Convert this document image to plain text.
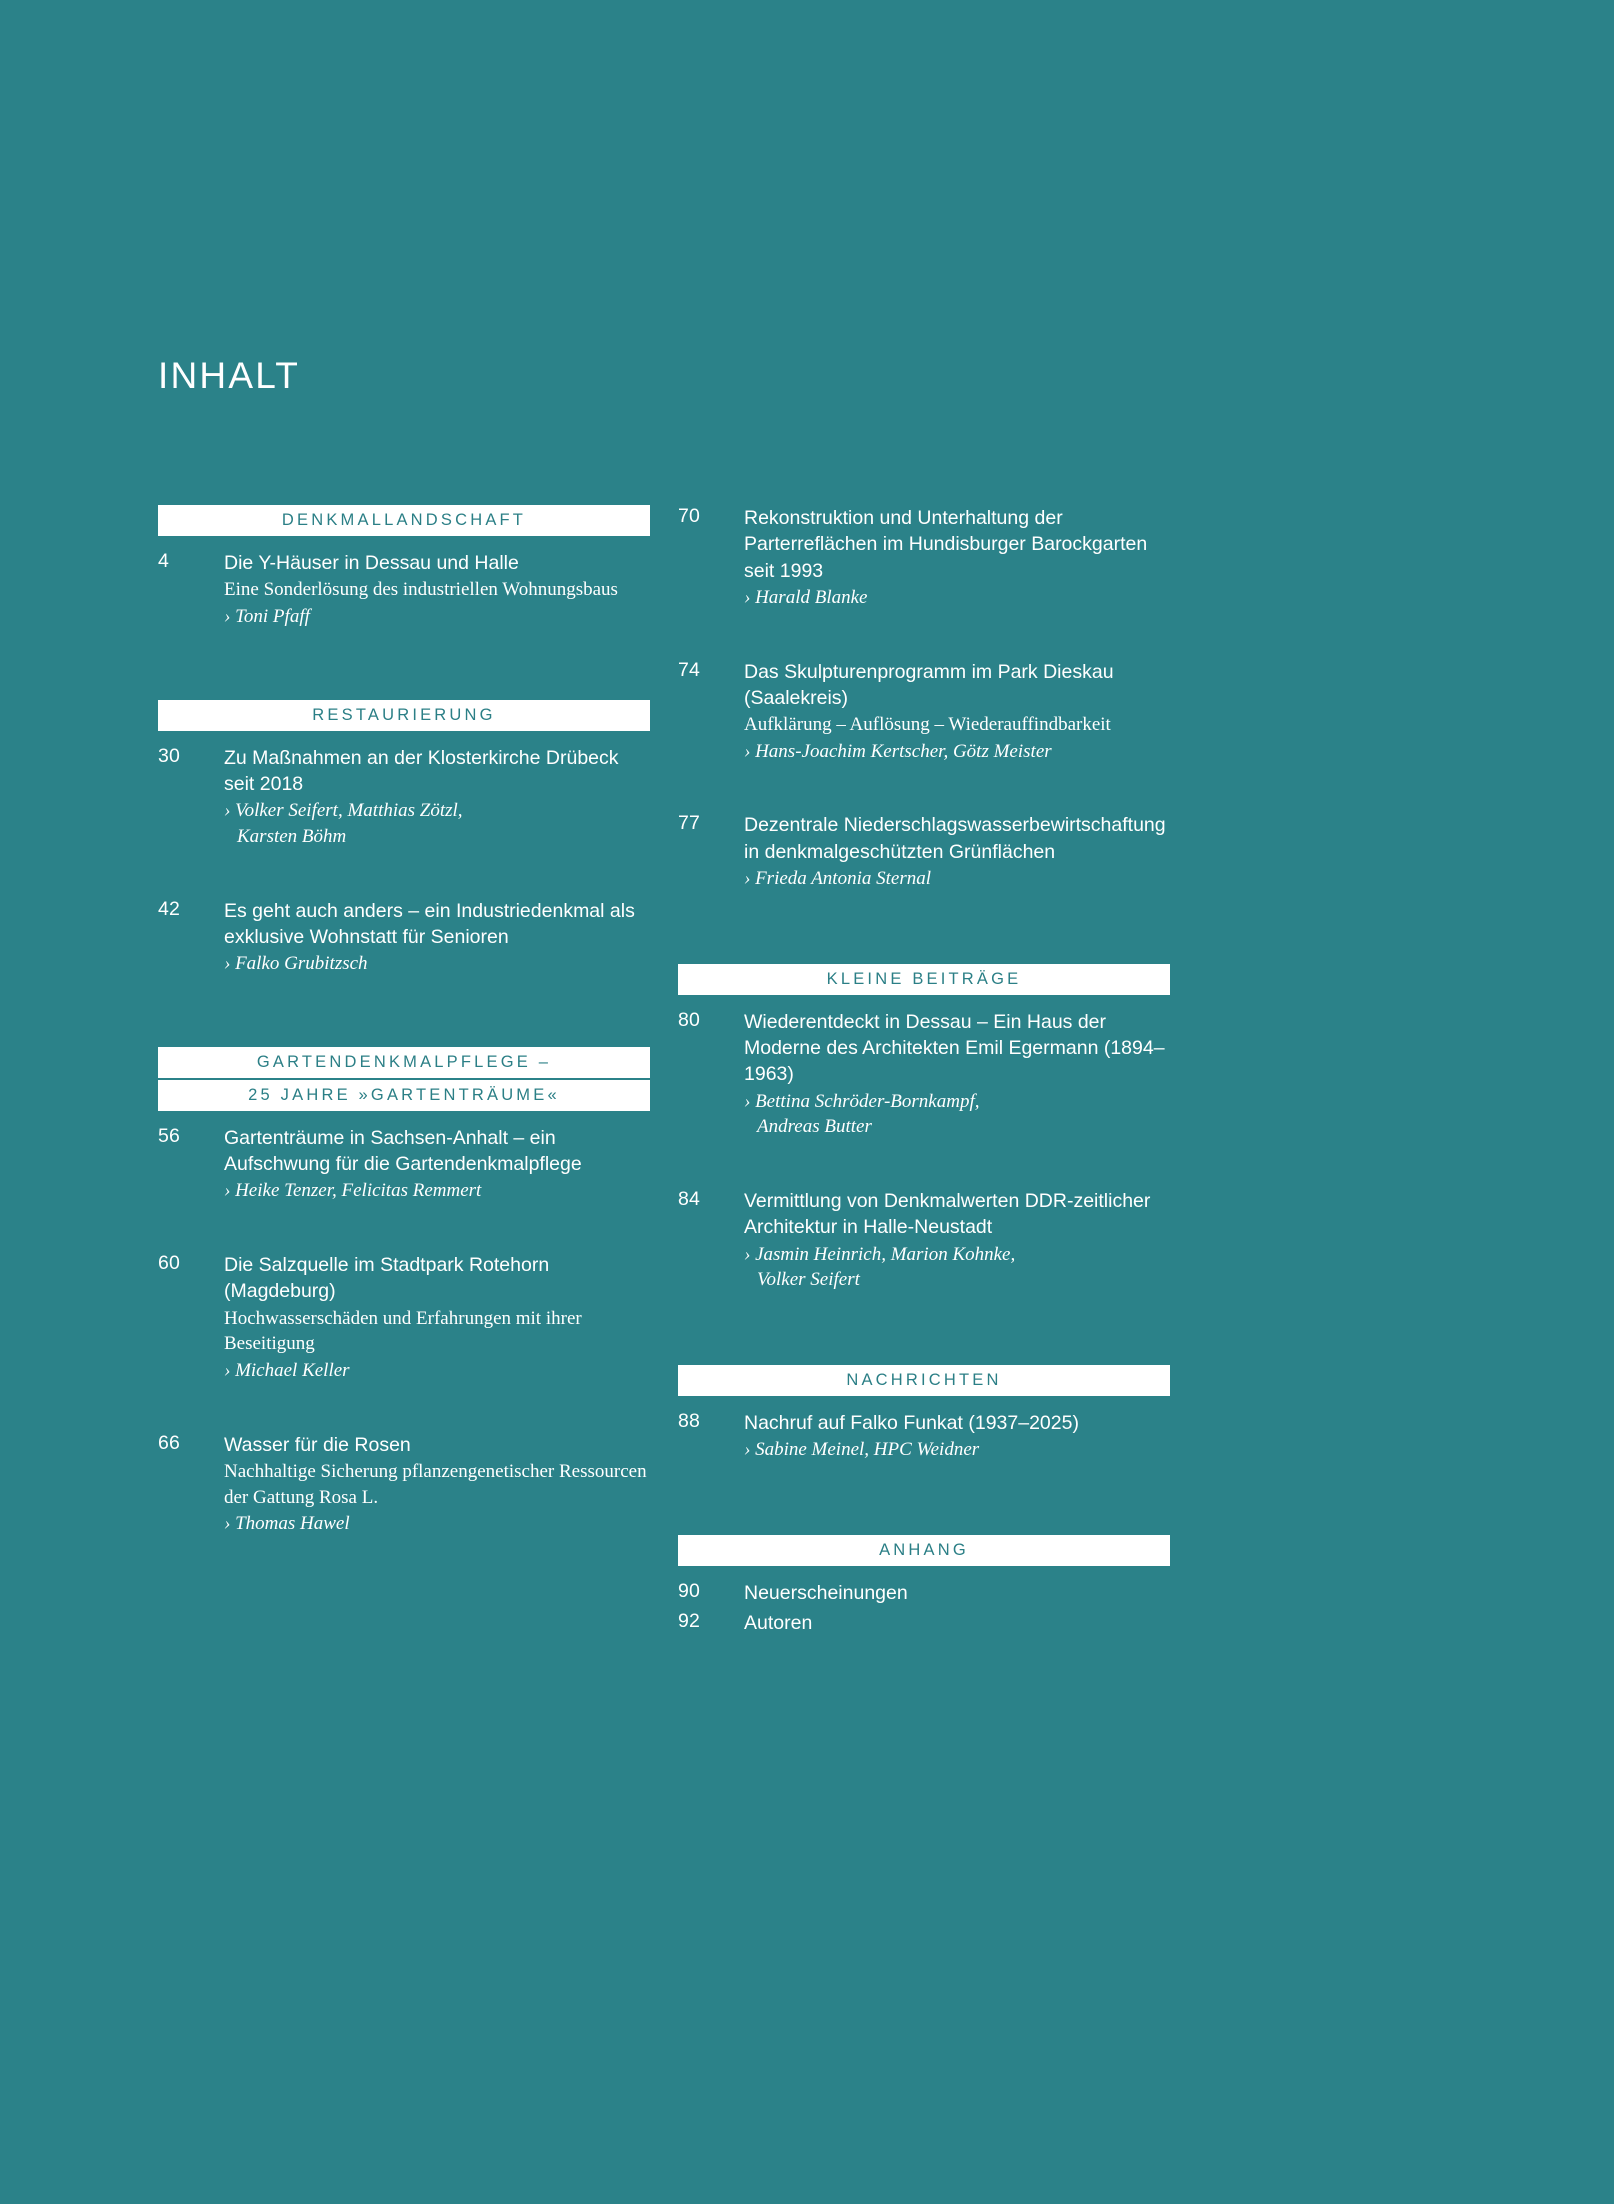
INHALT
DENKMALLANDSCHAFT
4	Die Y-Häuser in Dessau und Halle
Eine Sonderlösung des industriellen Wohnungsbaus
› Toni Pfaff
RESTAURIERUNG
30 Zu Maßnahmen an der Klosterkirche Drübeck seit 2018
› Volker Seifert, Matthias Zötzl,
Karsten Böhm
42 Es geht auch anders – ein Industriedenkmal als exklusive Wohnstatt für Senioren
› Falko Grubitzsch
GARTENDENKMALPFLEGE –
25 JAHRE »GARTENTRÄUME«
56 Gartenträume in Sachsen-Anhalt – ein Aufschwung für die Gartendenkmalpflege
› Heike Tenzer, Felicitas Remmert
60 Die Salzquelle im Stadtpark Rotehorn (Magdeburg)
Hochwasserschäden und Erfahrungen mit ihrer Beseitigung
› Michael Keller
66 Wasser für die Rosen
Nachhaltige Sicherung pflanzengenetischer Ressourcen der Gattung Rosa L.
› Thomas Hawel
70 Rekonstruktion und Unterhaltung der Parterreflächen im Hundisburger Barockgarten seit 1993
› Harald Blanke
74 Das Skulpturenprogramm im Park Dieskau (Saalekreis)
Aufklärung – Auflösung – Wiederauffindbarkeit
› Hans-Joachim Kertscher, Götz Meister
77 Dezentrale Niederschlagswasserbewirtschaftung in denkmalgeschützten Grünflächen
› Frieda Antonia Sternal
KLEINE BEITRÄGE
80 Wiederentdeckt in Dessau – Ein Haus der Moderne des Architekten Emil Egermann (1894–1963)
› Bettina Schröder-Bornkampf,
Andreas Butter
84 Vermittlung von Denkmalwerten DDR-zeitlicher Architektur in Halle-Neustadt
› Jasmin Heinrich, Marion Kohnke,
Volker Seifert
NACHRICHTEN
88 Nachruf auf Falko Funkat (1937–2025)
› Sabine Meinel, HPC Weidner
ANHANG
90 Neuerscheinungen
92 Autoren
